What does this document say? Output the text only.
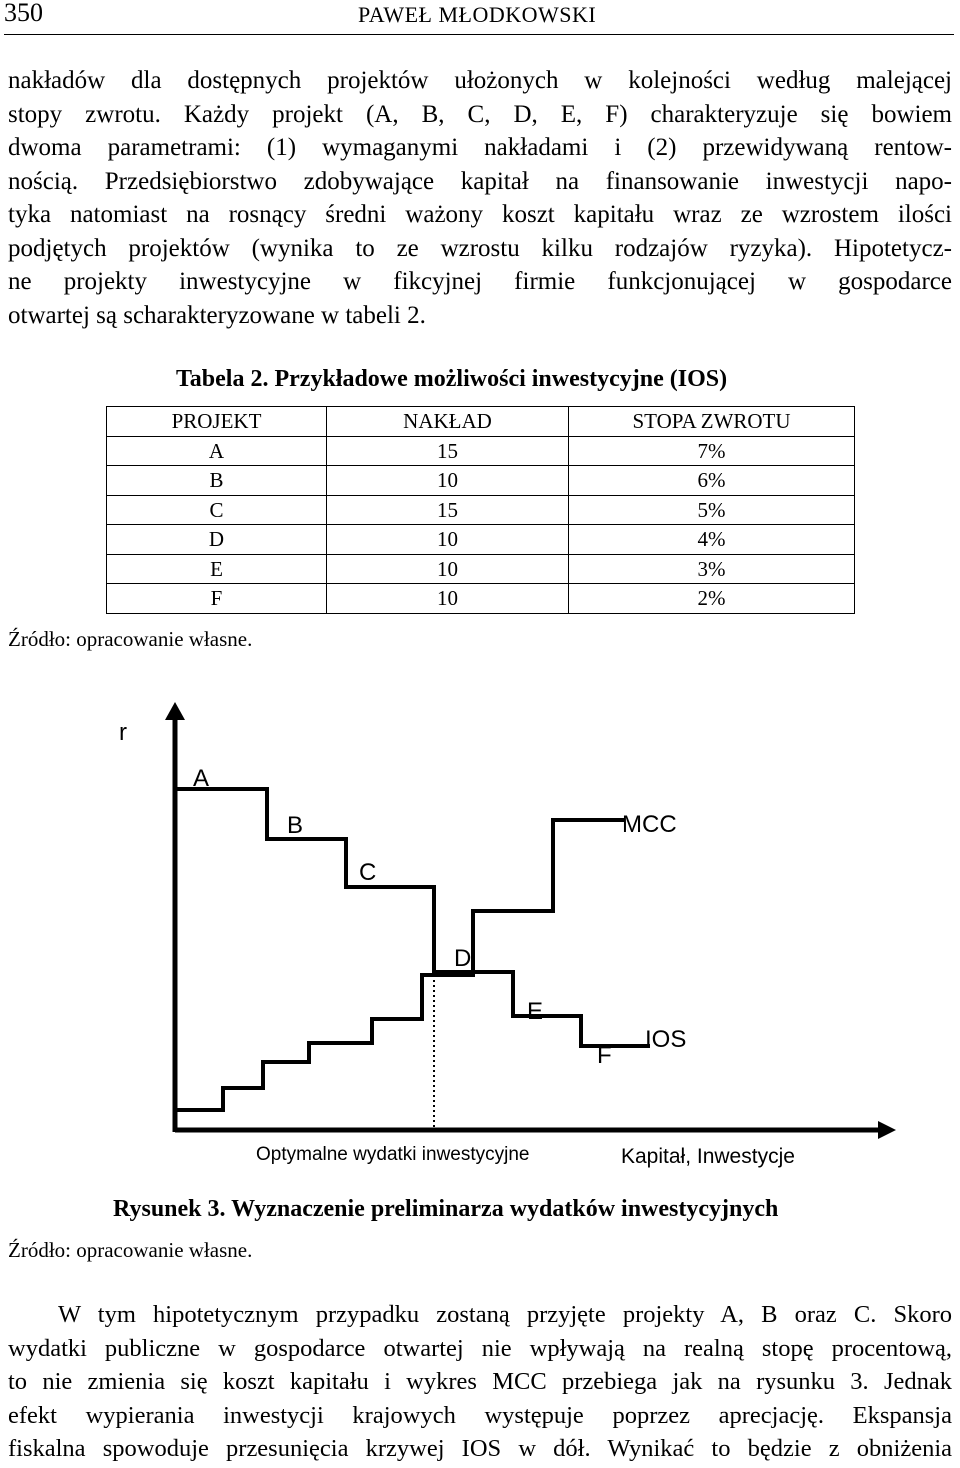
350	PAWEŁ MŁODKOWSKI
nakładów dla dostępnych projektów ułożonych w kolejności według malejącej
stopy zwrotu. Każdy projekt (A, B, C, D, E, F) charakteryzuje się bowiem
dwoma parametrami: (1) wymaganymi nakładami i (2) przewidywaną rentow-
nością. Przedsiębiorstwo zdobywające kapitał na finansowanie inwestycji napo-
tyka natomiast na rosnący średni ważony koszt kapitału wraz ze wzrostem ilości
podjętych projektów (wynika to ze wzrostu kilku rodzajów ryzyka). Hipotetycz-
ne projekty inwestycyjne w fikcyjnej firmie funkcjonującej w gospodarce
otwartej są scharakteryzowane w tabeli 2.
Tabela 2. Przykładowe możliwości inwestycyjne (IOS)
PROJEKT	NAKŁAD	STOPA ZWROTU
A	15	7%
B	10	6%
C	15	5%
D	10	4%
E	10	3%
F	10	2%
Źródło: opracowanie własne.
r
A
B
C
D
E
F
MCC
IOS
Optymalne wydatki inwestycyjne	Kapitał, Inwestycje
Rysunek 3. Wyznaczenie preliminarza wydatków inwestycyjnych
Źródło: opracowanie własne.
W tym hipotetycznym przypadku zostaną przyjęte projekty A, B oraz C. Skoro
wydatki publiczne w gospodarce otwartej nie wpływają na realną stopę procentową,
to nie zmienia się koszt kapitału i wykres MCC przebiega jak na rysunku 3. Jednak
efekt wypierania inwestycji krajowych występuje poprzez aprecjację. Ekspansja
fiskalna spowoduje przesunięcia krzywej IOS w dół. Wynikać to będzie z obniżenia
